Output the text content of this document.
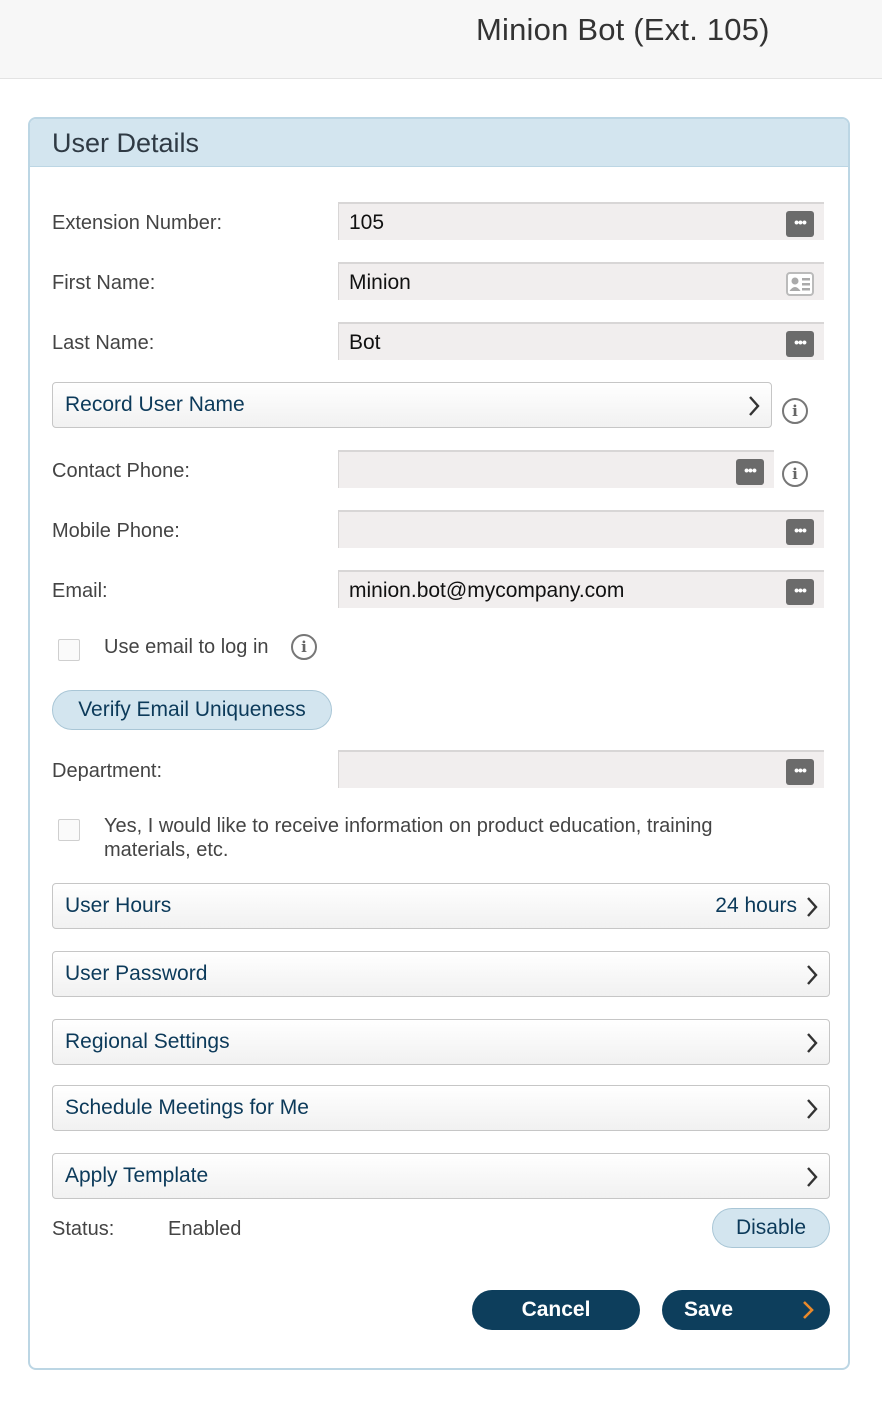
Minion Bot (Ext. 105)
User Details
Extension Number:	105	•••
First Name:	Minion
Last Name:	Bot	•••
Record User Name	i
Contact Phone:	•••	i
Mobile Phone:	•••
Email:	minion.bot@mycompany.com	•••
Use email to log in	i
Verify Email Uniqueness
Department:	•••
Yes, I would like to receive information on product education, training
materials, etc.
User Hours	24 hours
User Password
Regional Settings
Schedule Meetings for Me
Apply Template
Status:	Enabled	Disable
Cancel	Save
